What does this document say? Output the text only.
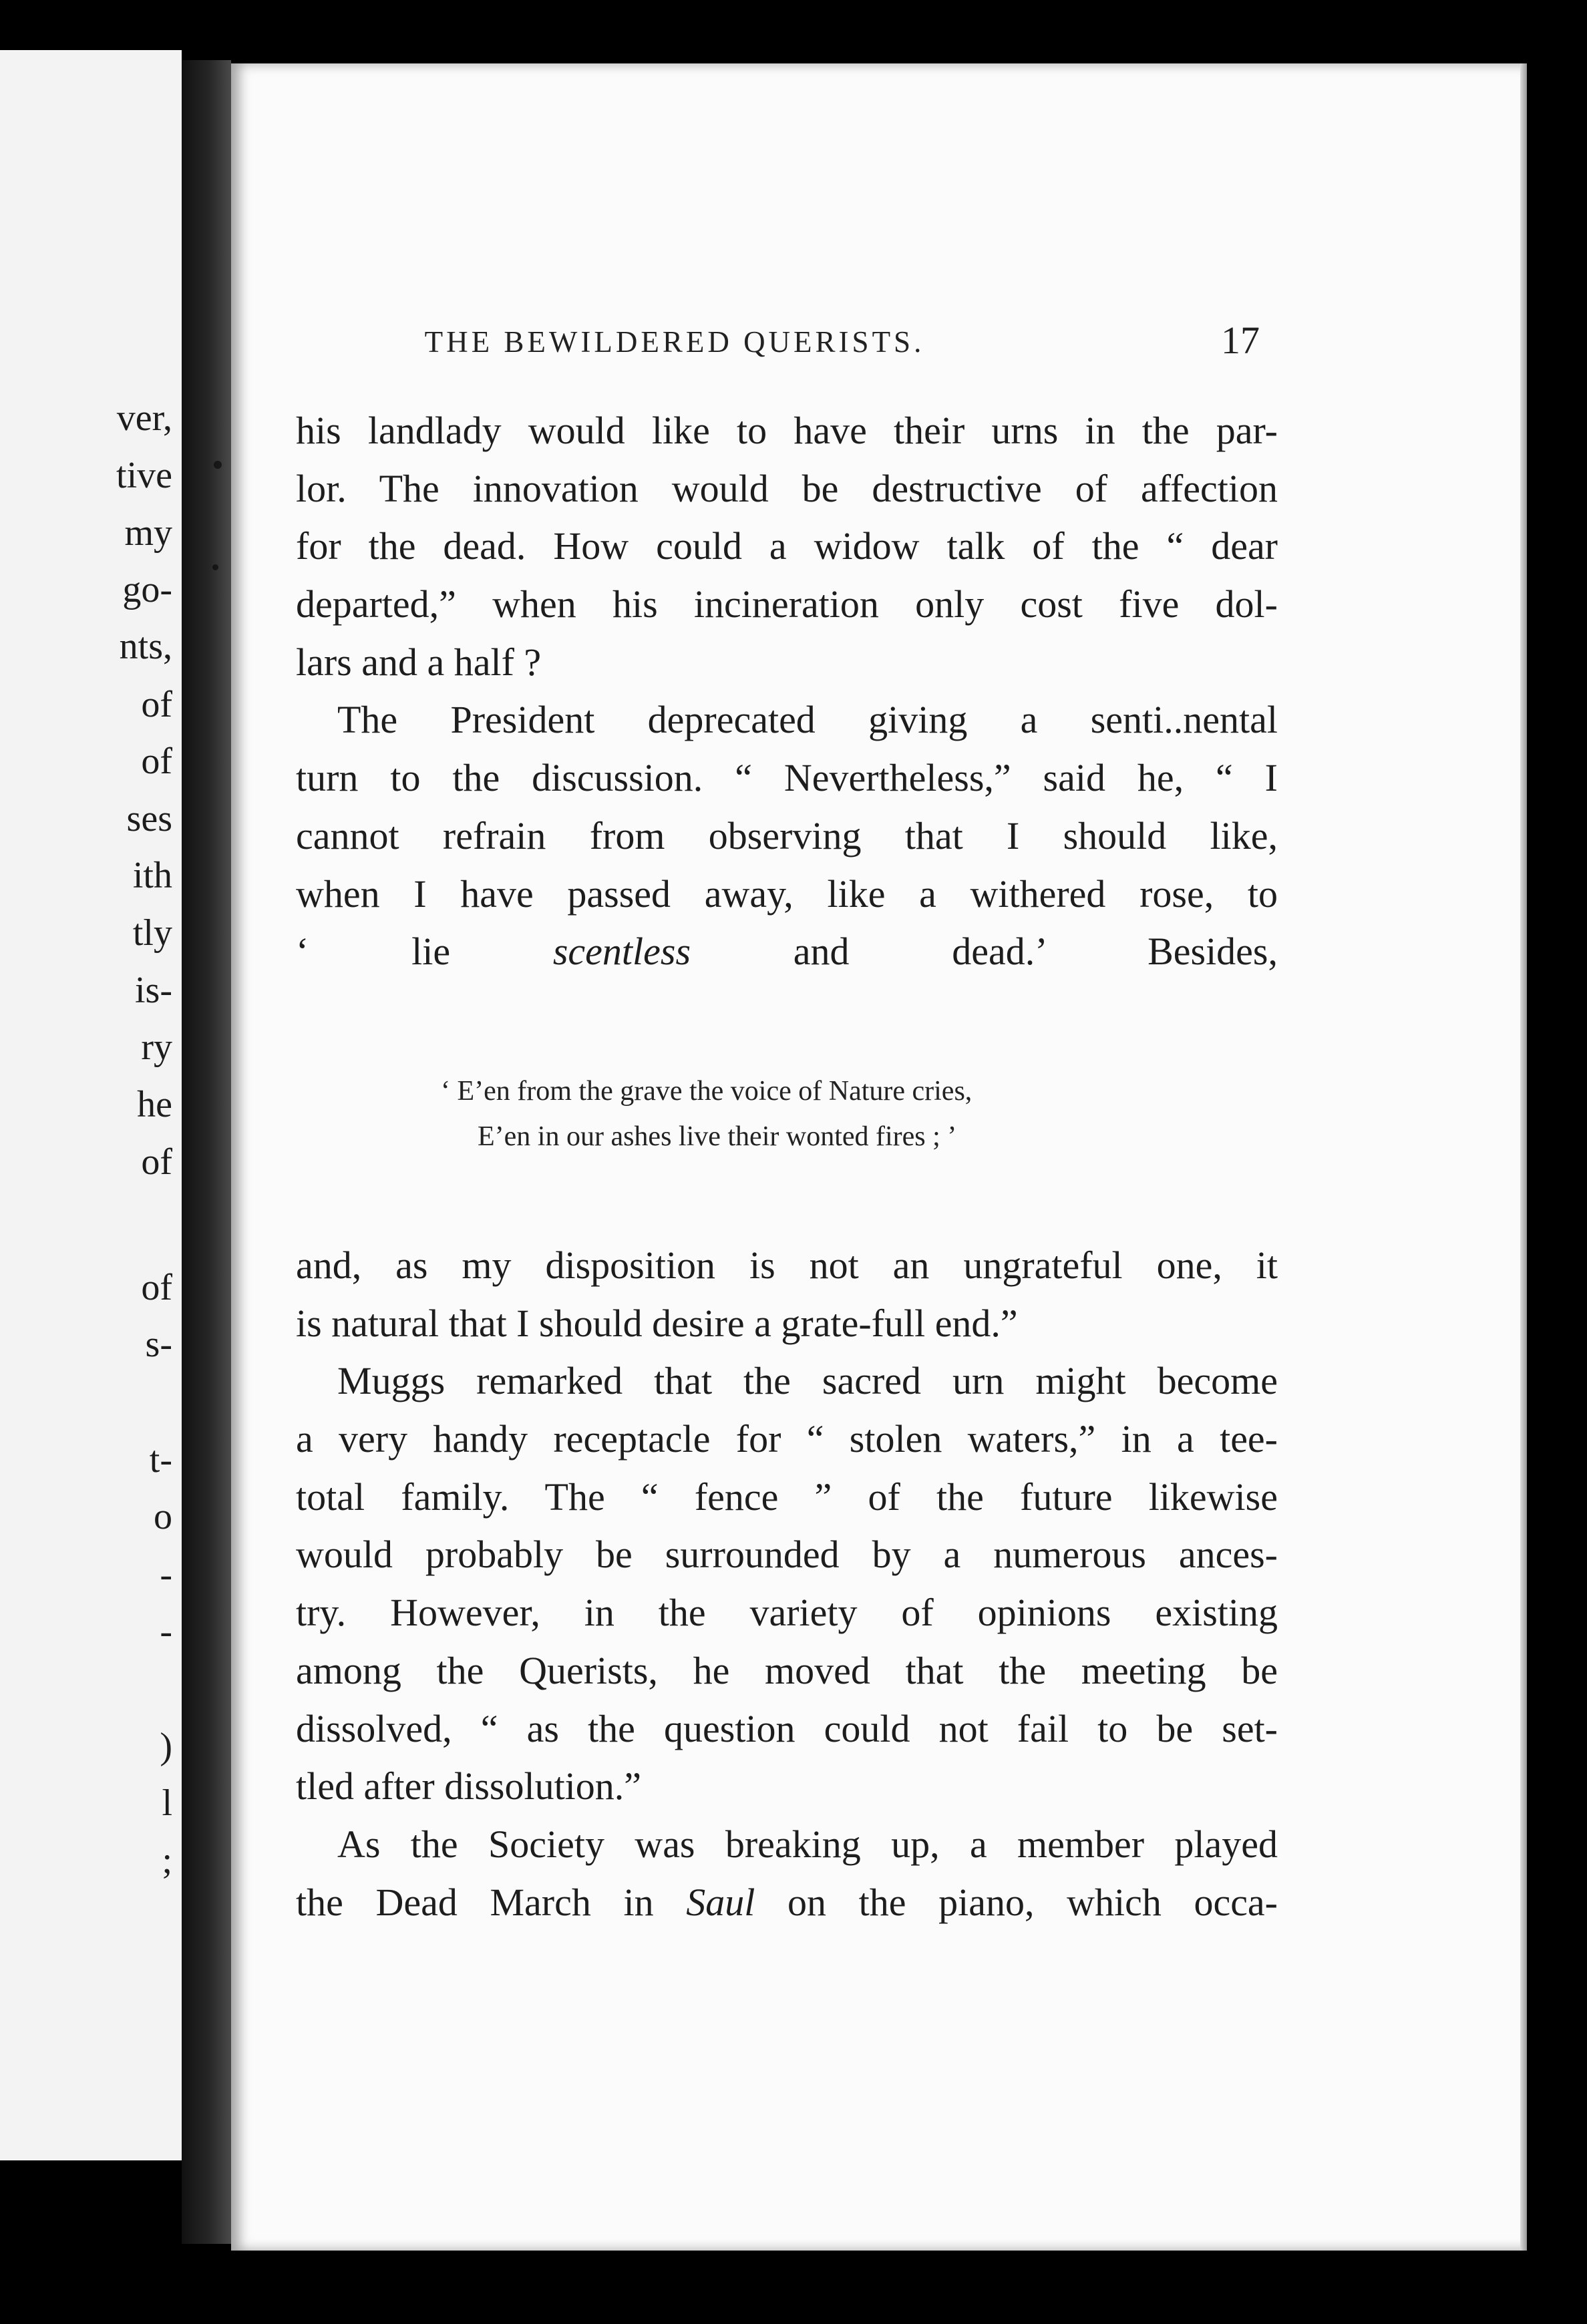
ver,
tive
my
go-
nts,
of
of
ses
ith
tly
is-
ry
he
of
of
s-
t-
o
-
-
)
l
;
THE BEWILDERED QUERISTS.	17
his landlady would like to have their urns in the par-
lor. The innovation would be destructive of affection
for the dead. How could a widow talk of the “ dear
departed,” when his incineration only cost five dol-
lars and a half ?
The President deprecated giving a senti..nental
turn to the discussion. “ Nevertheless,” said he, “ I
cannot refrain from observing that I should like,
when I have passed away, like a withered rose, to
‘ lie scentless and dead.’ Besides,
‘ E’en from the grave the voice of Nature cries,
E’en in our ashes live their wonted fires ; ’
and, as my disposition is not an ungrateful one, it
is natural that I should desire a grate-full end.”
Muggs remarked that the sacred urn might become
a very handy receptacle for “ stolen waters,” in a tee-
total family. The “ fence ” of the future likewise
would probably be surrounded by a numerous ances-
try. However, in the variety of opinions existing
among the Querists, he moved that the meeting be
dissolved, “ as the question could not fail to be set-
tled after dissolution.”
As the Society was breaking up, a member played
the Dead March in Saul on the piano, which occa-
